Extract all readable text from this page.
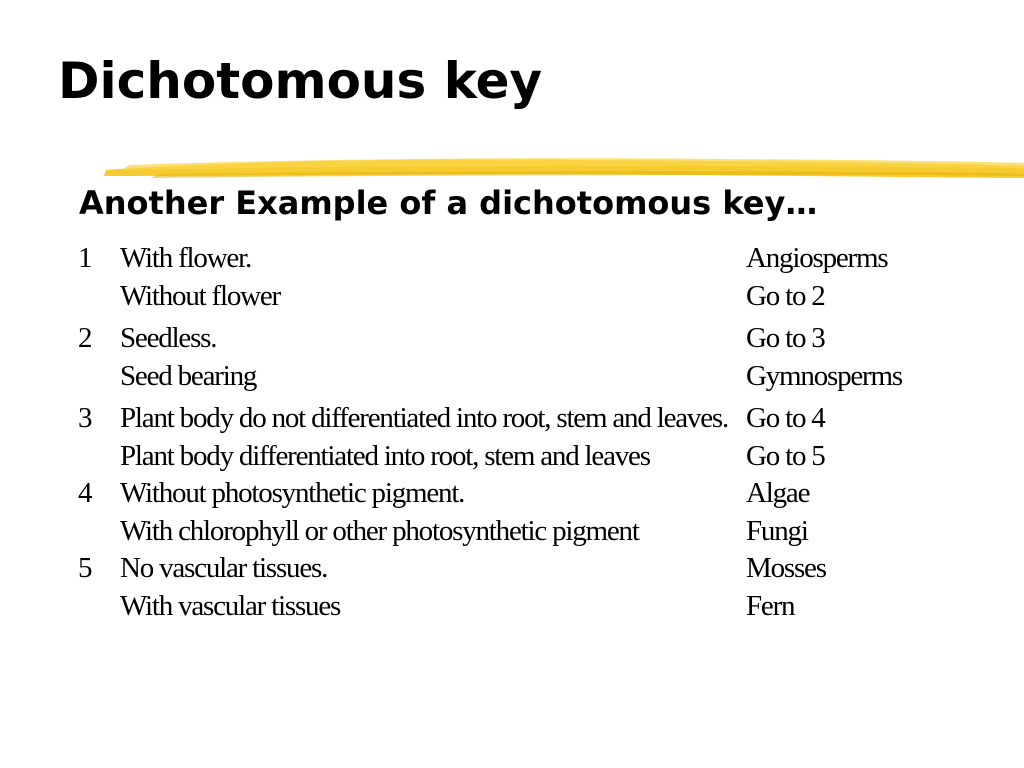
Dichotomous key
Another Example of a dichotomous key…
1	With flower.	Angiosperms
	Without flower	Go to 2
2	Seedless.	Go to 3
	Seed bearing	Gymnosperms
3	Plant body do not differentiated into root, stem and leaves.	Go to 4
	Plant body differentiated into root, stem and leaves	Go to 5
4	Without photosynthetic pigment.	Algae
	With chlorophyll or other photosynthetic pigment	Fungi
5	No vascular tissues.	Mosses
	With vascular tissues	Fern
